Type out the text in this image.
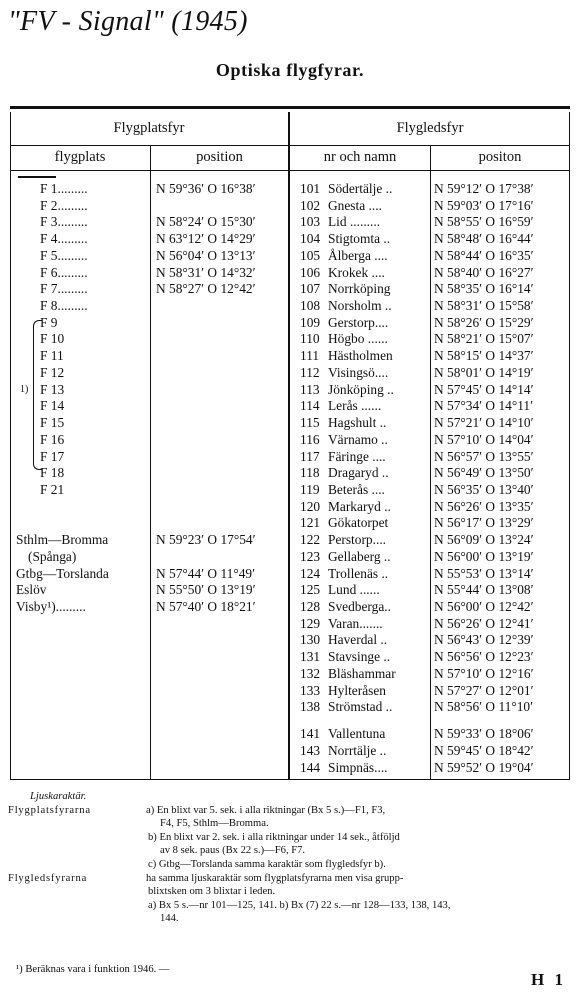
"FV - Signal" (1945)
Optiska flygfyrar.
Flygplatsfyr	Flygledsfyr
flygplats	position	nr och namn	positon
F 1.........	N 59°36′ O 16°38′
F 2.........
F 3.........	N 58°24′ O 15°30′
F 4.........	N 63°12′ O 14°29′
F 5.........	N 56°04′ O 13°13′
F 6.........	N 58°31′ O 14°32′
F 7.........	N 58°27′ O 12°42′
F 8.........
F 9
F 10
F 11
F 12
F 13
F 14
F 15
F 16
F 17
F 18
F 21
Sthlm—Bromma	N 59°23′ O 17°54′
(Spånga)
Gtbg—Torslanda	N 57°44′ O 11°49′
Eslöv	N 55°50′ O 13°19′
Visby¹).........	N 57°40′ O 18°21′
101 Södertälje ..	N 59°12′ O 17°38′
102 Gnesta ....	N 59°03′ O 17°16′
103 Lid .........	N 58°55′ O 16°59′
104 Stigtomta ..	N 58°48′ O 16°44′
105 Ålberga ....	N 58°44′ O 16°35′
106 Krokek ....	N 58°40′ O 16°27′
107 Norrköping	N 58°35′ O 16°14′
108 Norsholm ..	N 58°31′ O 15°58′
109 Gerstorp....	N 58°26′ O 15°29′
110 Högbo ......	N 58°21′ O 15°07′
111 Hästholmen	N 58°15′ O 14°37′
112 Visingsö....	N 58°01′ O 14°19′
113 Jönköping ..	N 57°45′ O 14°14′
114 Lerås ......	N 57°34′ O 14°11′
115 Hagshult ..	N 57°21′ O 14°10′
116 Värnamo ..	N 57°10′ O 14°04′
117 Färinge ....	N 56°57′ O 13°55′
118 Dragaryd ..	N 56°49′ O 13°50′
119 Beterås ....	N 56°35′ O 13°40′
120 Markaryd ..	N 56°26′ O 13°35′
121 Gökatorpet	N 56°17′ O 13°29′
122 Perstorp....	N 56°09′ O 13°24′
123 Gellaberg ..	N 56°00′ O 13°19′
124 Trollenäs ..	N 55°53′ O 13°14′
125 Lund ......	N 55°44′ O 13°08′
128 Svedberga..	N 56°00′ O 12°42′
129 Varan.......	N 56°26′ O 12°41′
130 Haverdal ..	N 56°43′ O 12°39′
131 Stavsinge ..	N 56°56′ O 12°23′
132 Bläshammar	N 57°10′ O 12°16′
133 Hylteråsen	N 57°27′ O 12°01′
138 Strömstad ..	N 58°56′ O 11°10′
141 Vallentuna	N 59°33′ O 18°06′
143 Norrtälje ..	N 59°45′ O 18°42′
144 Simpnäs....	N 59°52′ O 19°04′
1)
Ljuskaraktär.
Flygplatsfyrarna	a) En blixt var 5. sek. i alla riktningar (Bx 5 s.)—F1, F3,
F4, F5, Sthlm—Bromma.
b) En blixt var 2. sek. i alla riktningar under 14 sek., åtföljd
av 8 sek. paus (Bx 22 s.)—F6, F7.
c) Gtbg—Torslanda samma karaktär som flygledsfyr b).
Flygledsfyrarna	ha samma ljuskaraktär som flygplatsfyrarna men visa grupp-
blixtsken om 3 blixtar i leden.
a) Bx 5 s.—nr 101—125, 141. b) Bx (7) 22 s.—nr 128—133, 138, 143,
144.
¹) Beräknas vara i funktion 1946. —
H 1
